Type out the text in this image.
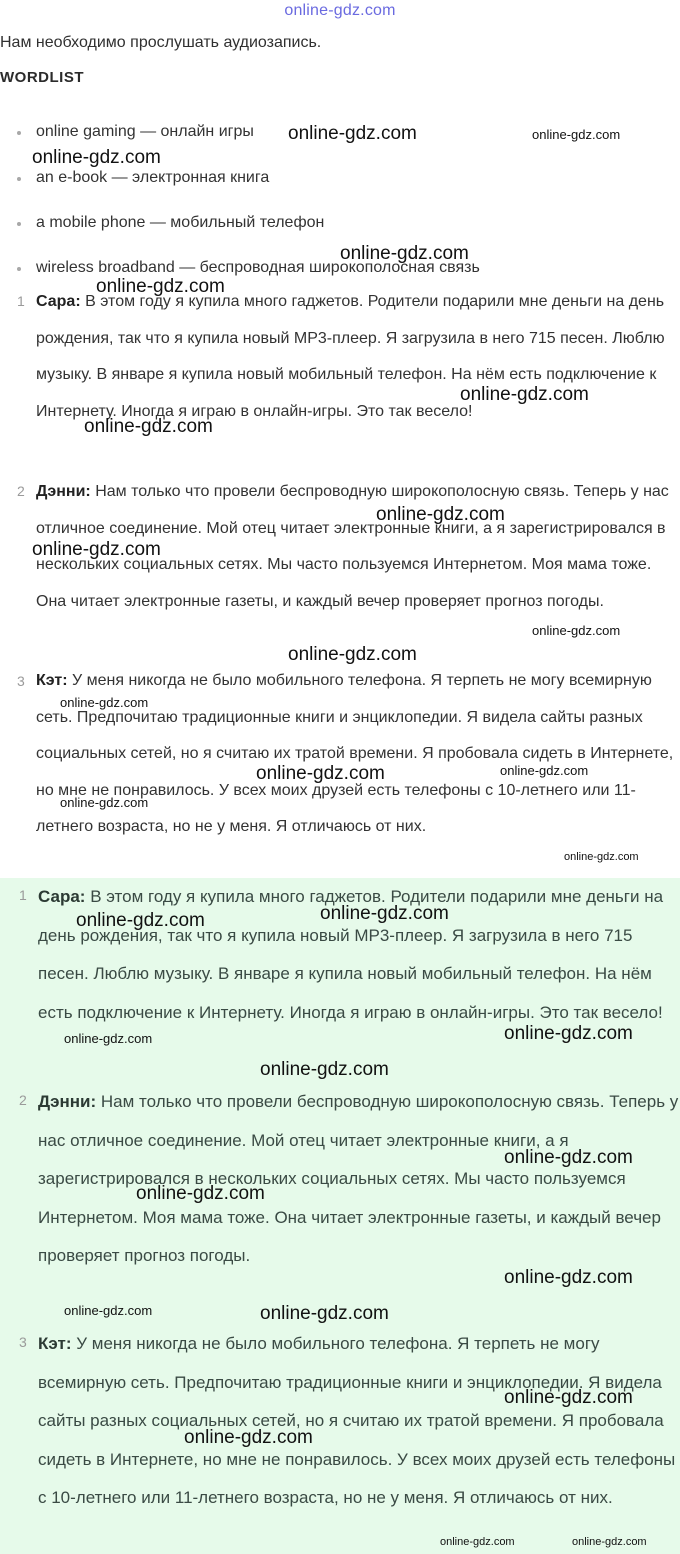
online-gdz.com

Нам необходимо прослушать аудиозапись.

WORDLIST
online gaming — онлайн игры
an e-book — электронная книга
a mobile phone — мобильный телефон
wireless broadband — беспроводная широкополосная связь
1 Сара: В этом году я купила много гаджетов. Родители подарили мне деньги на день рождения, так что я купила новый MP3-плеер. Я загрузила в него 715 песен. Люблю музыку. В январе я купила новый мобильный телефон. На нём есть подключение к Интернету. Иногда я играю в онлайн-игры. Это так весело!

2 Дэнни: Нам только что провели беспроводную широкополосную связь. Теперь у нас отличное соединение. Мой отец читает электронные книги, а я зарегистрировался в нескольких социальных сетях. Мы часто пользуемся Интернетом. Моя мама тоже. Она читает электронные газеты, и каждый вечер проверяет прогноз погоды.

3 Кэт: У меня никогда не было мобильного телефона. Я терпеть не могу всемирную сеть. Предпочитаю традиционные книги и энциклопедии. Я видела сайты разных социальных сетей, но я считаю их тратой времени. Я пробовала сидеть в Интернете, но мне не понравилось. У всех моих друзей есть телефоны с 10-летнего или 11-летнего возраста, но не у меня. Я отличаюсь от них.

1 Сара: В этом году я купила много гаджетов. Родители подарили мне деньги на день рождения, так что я купила новый MP3-плеер. Я загрузила в него 715 песен. Люблю музыку. В январе я купила новый мобильный телефон. На нём есть подключение к Интернету. Иногда я играю в онлайн-игры. Это так весело!

2 Дэнни: Нам только что провели беспроводную широкополосную связь. Теперь у нас отличное соединение. Мой отец читает электронные книги, а я зарегистрировался в нескольких социальных сетях. Мы часто пользуемся Интернетом. Моя мама тоже. Она читает электронные газеты, и каждый вечер проверяет прогноз погоды.

3 Кэт: У меня никогда не было мобильного телефона. Я терпеть не могу всемирную сеть. Предпочитаю традиционные книги и энциклопедии. Я видела сайты разных социальных сетей, но я считаю их тратой времени. Я пробовала сидеть в Интернете, но мне не понравилось. У всех моих друзей есть телефоны с 10-летнего или 11-летнего возраста, но не у меня. Я отличаюсь от них.

online-gdz.com	online-gdz.com
online-gdz.com
online-gdz.com
online-gdz.com
online-gdz.com
online-gdz.com
online-gdz.com
online-gdz.com
online-gdz.com
online-gdz.com
online-gdz.com
online-gdz.com	online-gdz.com
online-gdz.com
online-gdz.com
online-gdz.com
online-gdz.com
online-gdz.com	online-gdz.com
online-gdz.com
online-gdz.com
online-gdz.com
online-gdz.com
online-gdz.com	online-gdz.com
online-gdz.com
online-gdz.com
online-gdz.com	online-gdz.com
